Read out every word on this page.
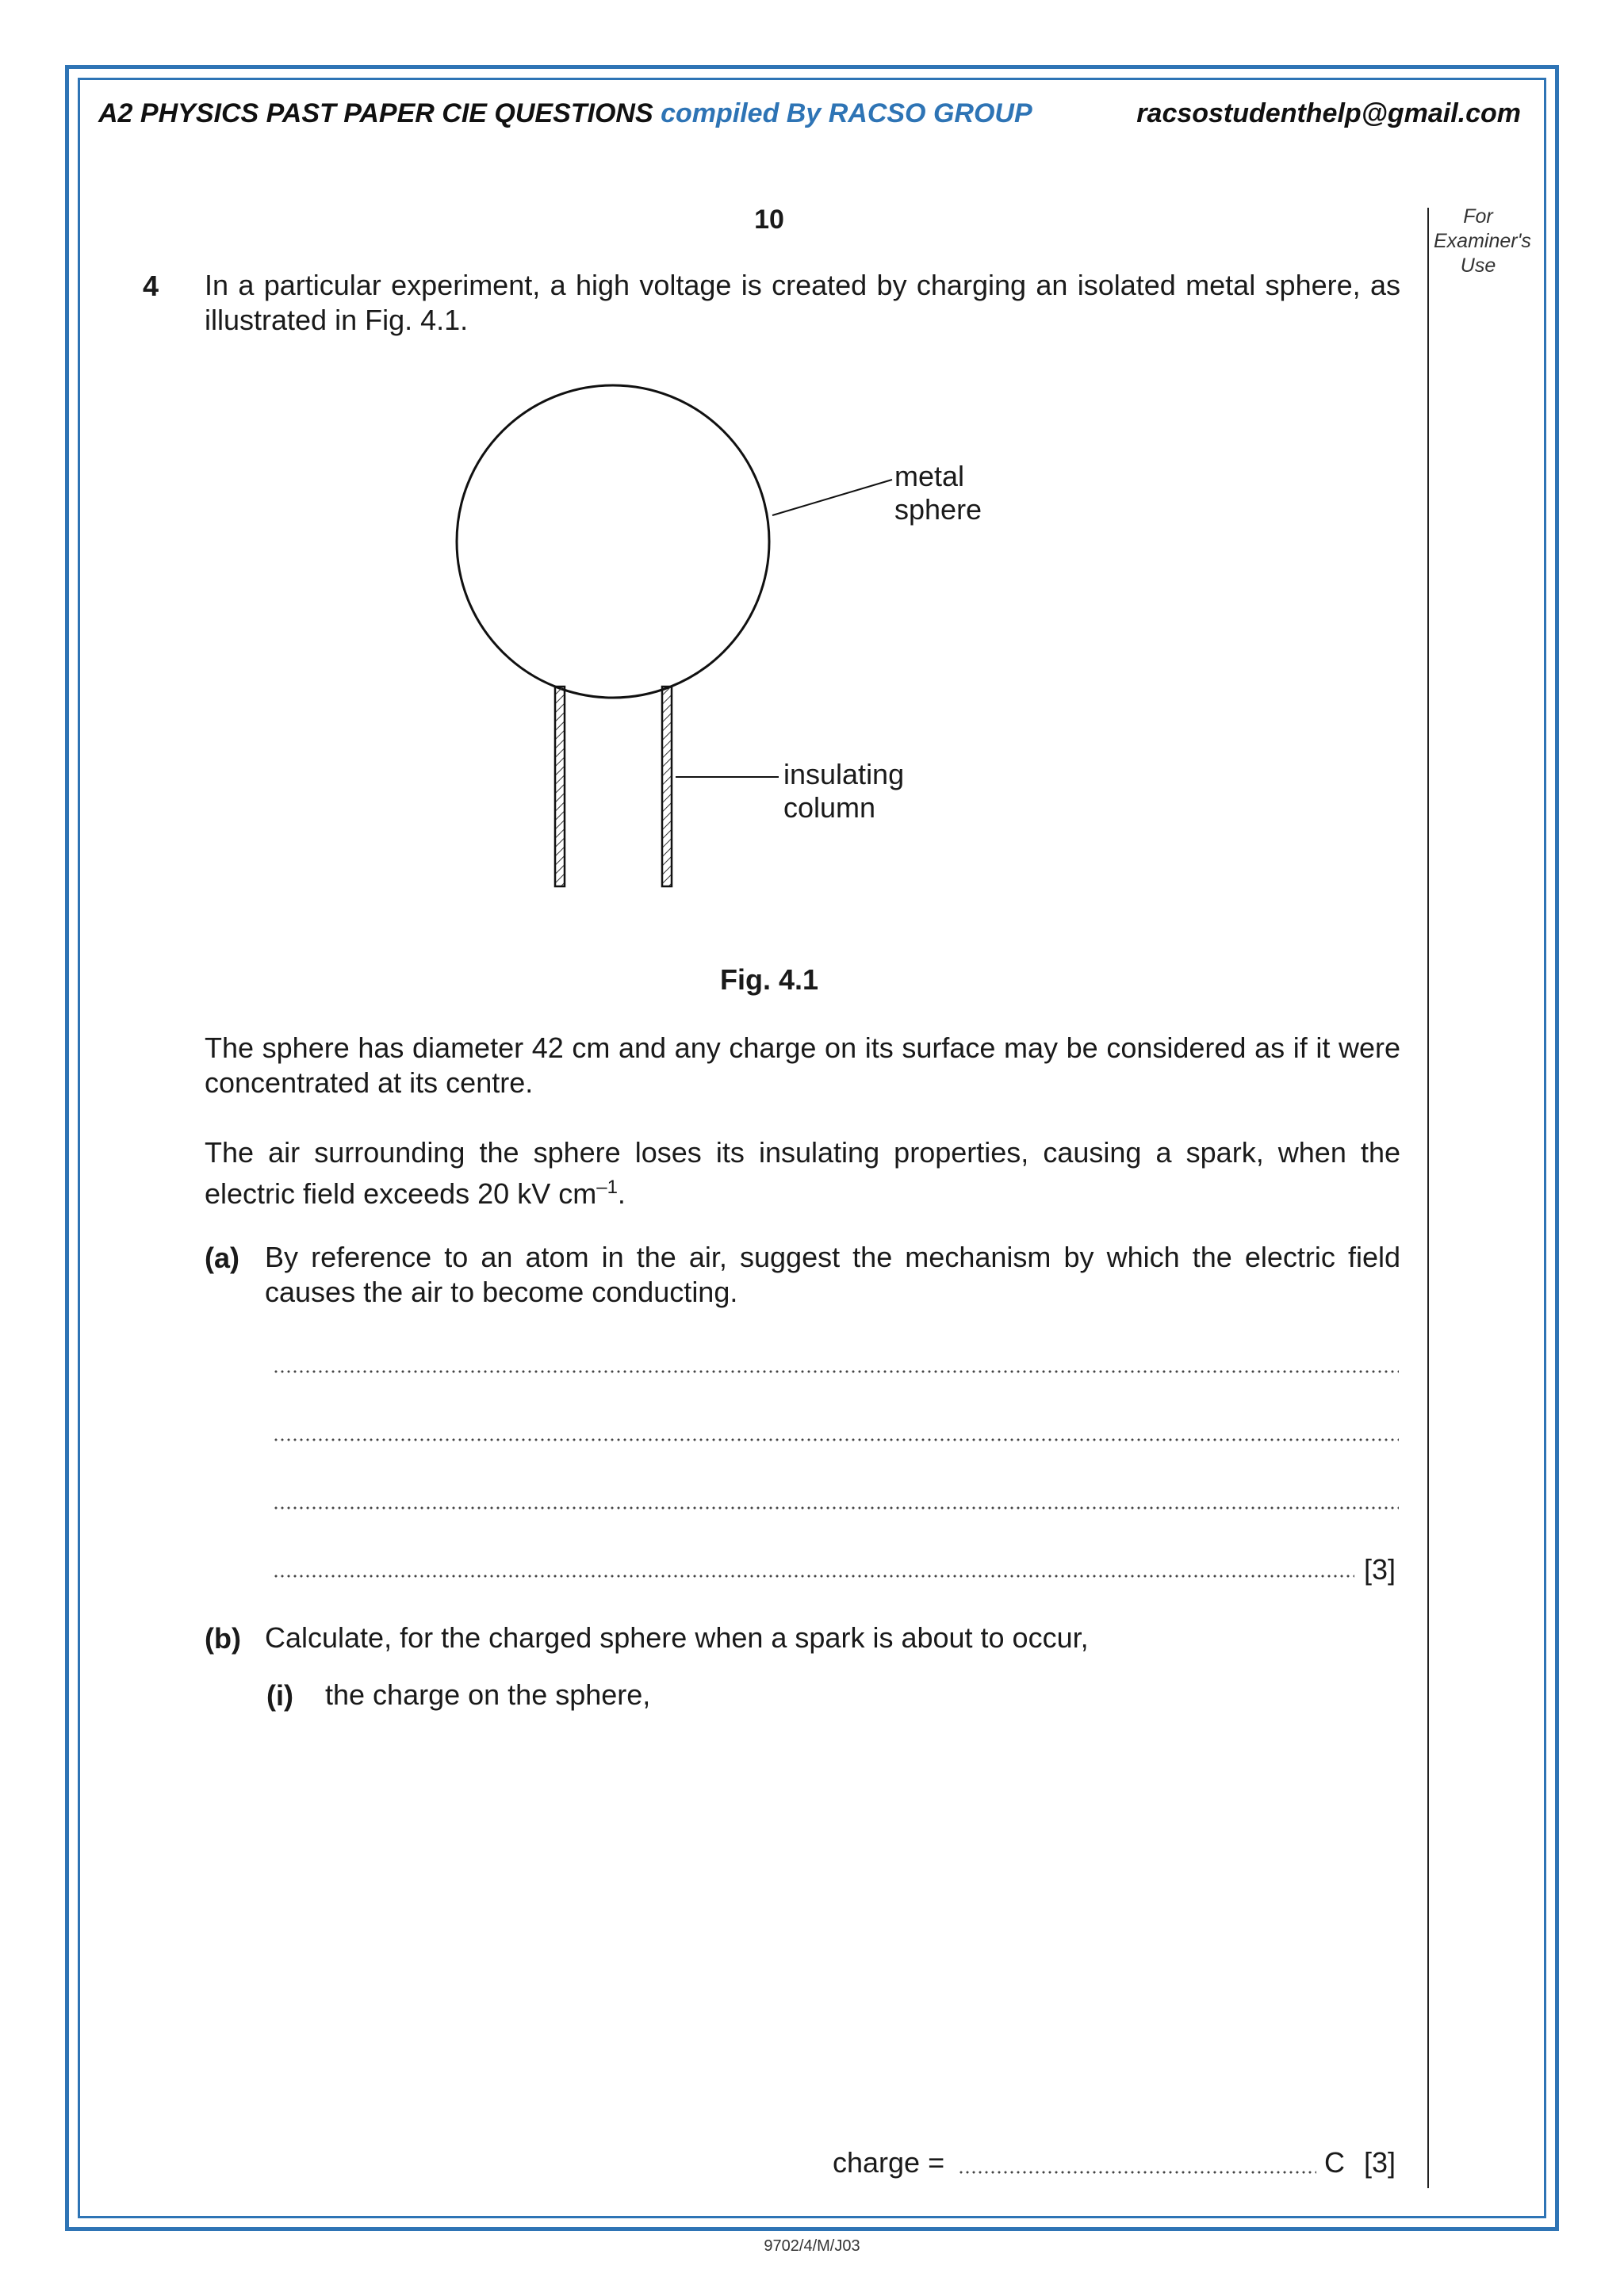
A2 PHYSICS PAST PAPER CIE QUESTIONS compiled By RACSO GROUP	racsostudenthelp@gmail.com
10	For
Examiner's
Use
4 In a particular experiment, a high voltage is created by charging an isolated metal sphere, as illustrated in Fig. 4.1.
metal sphere
insulating
column
Fig. 4.1
The sphere has diameter 42 cm and any charge on its surface may be considered as if it were concentrated at its centre.
The air surrounding the sphere loses its insulating properties, causing a spark, when the electric field exceeds 20 kV $cm^{-1}$.
(a) By reference to an atom in the air, suggest the mechanism by which the electric field causes the air to become conducting.
[3]
(b) Calculate, for the charged sphere when a spark is about to occur,
(i) the charge on the sphere,
charge =	C [3]
9702/4/M/J03
